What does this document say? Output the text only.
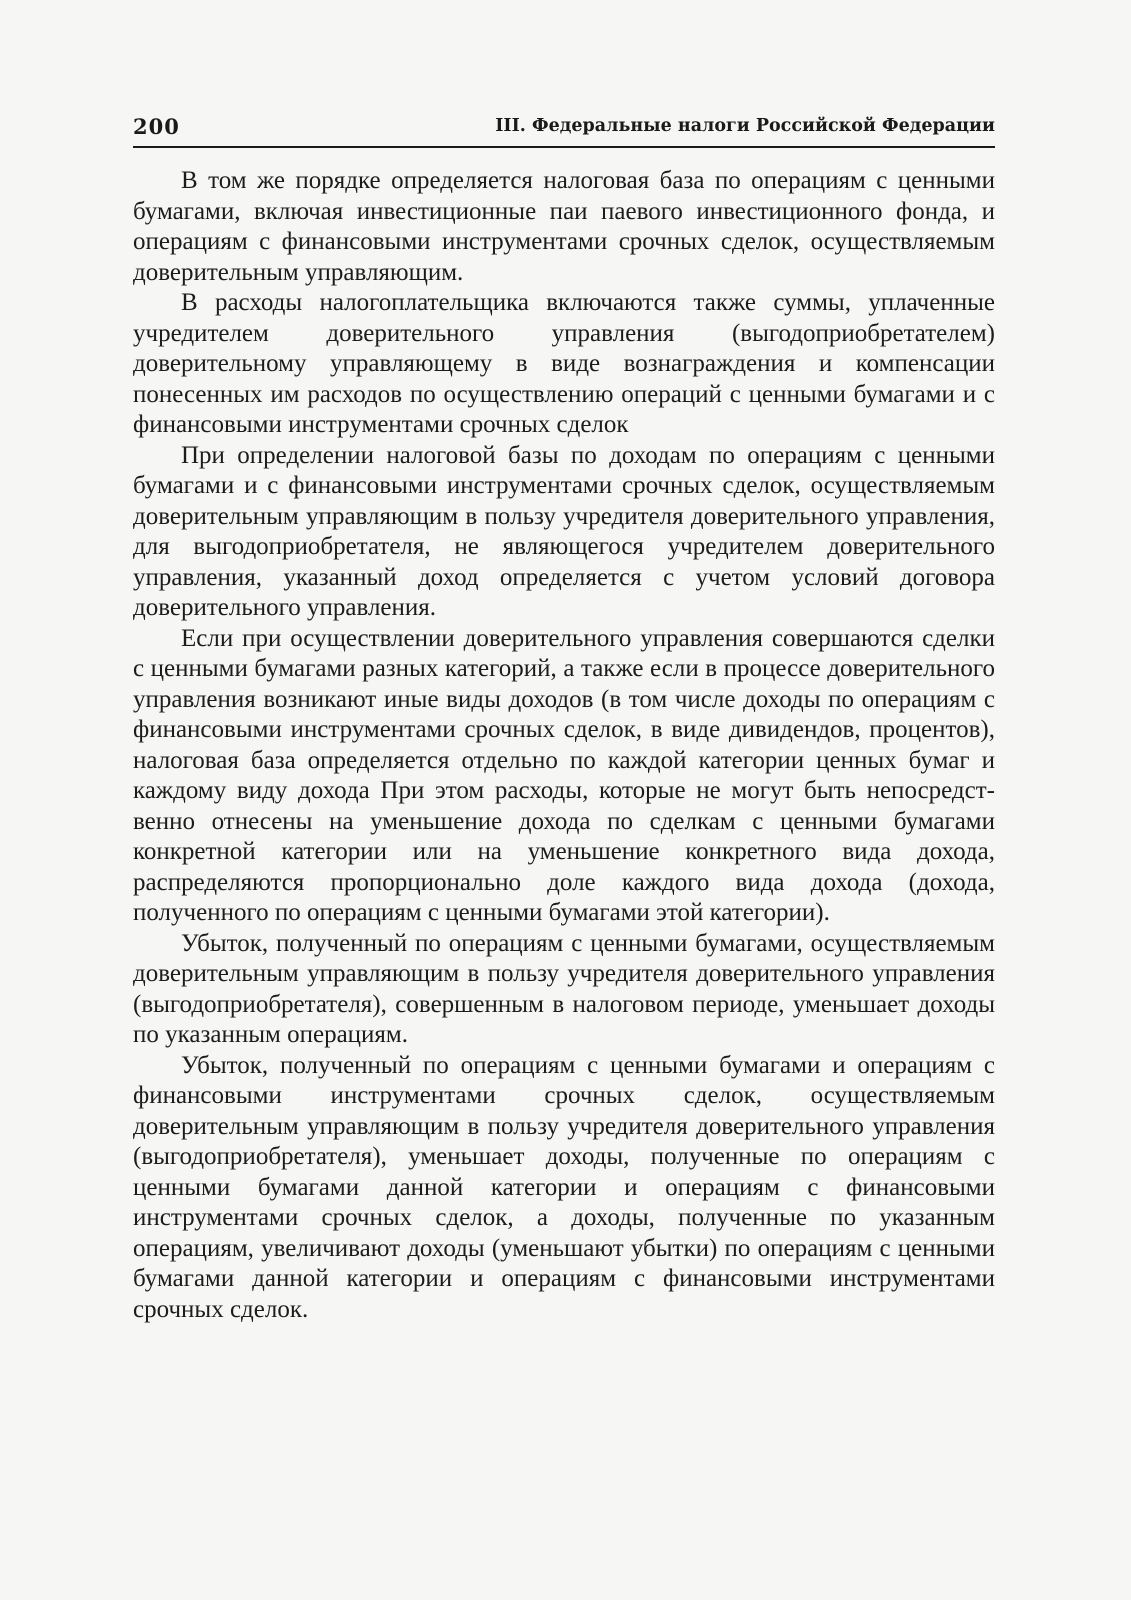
200	III. Федеральные налоги Российской Федерации

В том же порядке определяется налоговая база по операциям с ценными бумагами, включая инвестиционные паи паевого инвестиционного фонда, и операциям с финансовыми инструментами срочных сделок, осуществляемым доверительным управляющим.

В расходы налогоплательщика включаются также суммы, уплаченные учредителем доверительного управления (выгодоприобретателем) доверительному управляющему в виде вознаграждения и компенсации понесенных им расходов по осуществлению операций с ценными бумагами и с финансовыми инструментами срочных сделок

При определении налоговой базы по доходам по операциям с ценными бумагами и с финансовыми инструментами срочных сделок, осуществляемым доверительным управляющим в пользу учредителя доверительного управления, для выгодоприобретателя, не являющегося учредителем доверительного управления, указанный доход определяется с учетом условий договора доверительного управления.

Если при осуществлении доверительного управления совершаются сделки с ценными бумагами разных категорий, а также если в процессе доверительного управления возникают иные виды доходов (в том числе доходы по операциям с финансовыми инструментами срочных сделок, в виде дивидендов, процентов), налоговая база определяется отдельно по каждой категории ценных бумаг и каждому виду дохода При этом расходы, которые не могут быть непосредственно отнесены на уменьшение дохода по сделкам с ценными бумагами конкретной категории или на уменьшение конкретного вида дохода, распределяются пропорционально доле каждого вида дохода (дохода, полученного по операциям с ценными бумагами этой категории).

Убыток, полученный по операциям с ценными бумагами, осуществляемым доверительным управляющим в пользу учредителя доверительного управления (выгодоприобретателя), совершенным в налоговом периоде, уменьшает доходы по указанным операциям.

Убыток, полученный по операциям с ценными бумагами и операциям с финансовыми инструментами срочных сделок, осуществляемым доверительным управляющим в пользу учредителя доверительного управления (выгодоприобретателя), уменьшает доходы, полученные по операциям с ценными бумагами данной категории и операциям с финансовыми инструментами срочных сделок, а доходы, полученные по указанным операциям, увеличивают доходы (уменьшают убытки) по операциям с ценными бумагами данной категории и операциям с финансовыми инструментами срочных сделок.
